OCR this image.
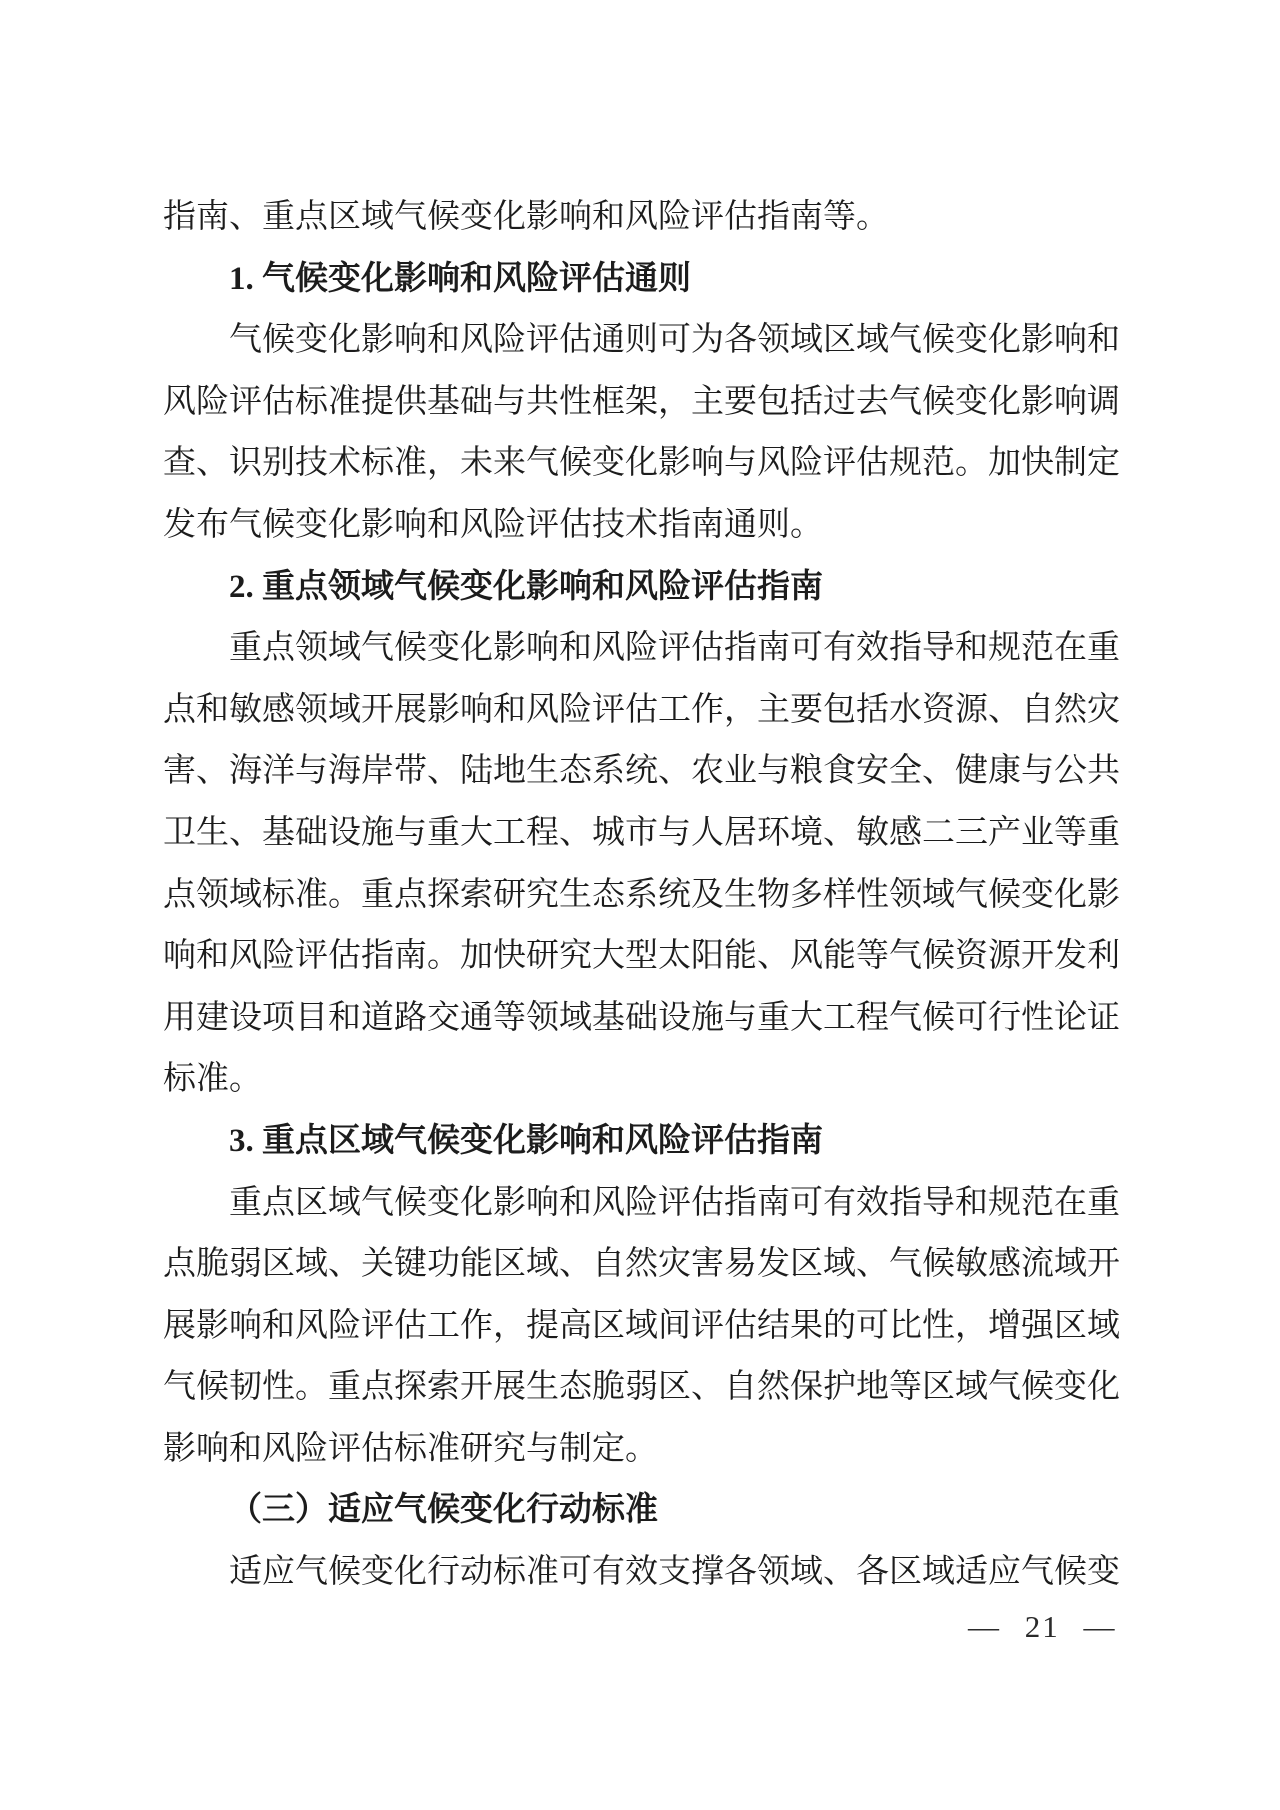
指南、重点区域气候变化影响和风险评估指南等。
1. 气候变化影响和风险评估通则
气候变化影响和风险评估通则可为各领域区域气候变化影响和
风险评估标准提供基础与共性框架，主要包括过去气候变化影响调
查、识别技术标准，未来气候变化影响与风险评估规范。加快制定
发布气候变化影响和风险评估技术指南通则。
2. 重点领域气候变化影响和风险评估指南
重点领域气候变化影响和风险评估指南可有效指导和规范在重
点和敏感领域开展影响和风险评估工作，主要包括水资源、自然灾
害、海洋与海岸带、陆地生态系统、农业与粮食安全、健康与公共
卫生、基础设施与重大工程、城市与人居环境、敏感二三产业等重
点领域标准。重点探索研究生态系统及生物多样性领域气候变化影
响和风险评估指南。加快研究大型太阳能、风能等气候资源开发利
用建设项目和道路交通等领域基础设施与重大工程气候可行性论证
标准。
3. 重点区域气候变化影响和风险评估指南
重点区域气候变化影响和风险评估指南可有效指导和规范在重
点脆弱区域、关键功能区域、自然灾害易发区域、气候敏感流域开
展影响和风险评估工作，提高区域间评估结果的可比性，增强区域
气候韧性。重点探索开展生态脆弱区、自然保护地等区域气候变化
影响和风险评估标准研究与制定。
（三）适应气候变化行动标准
适应气候变化行动标准可有效支撑各领域、各区域适应气候变
— 21 —
